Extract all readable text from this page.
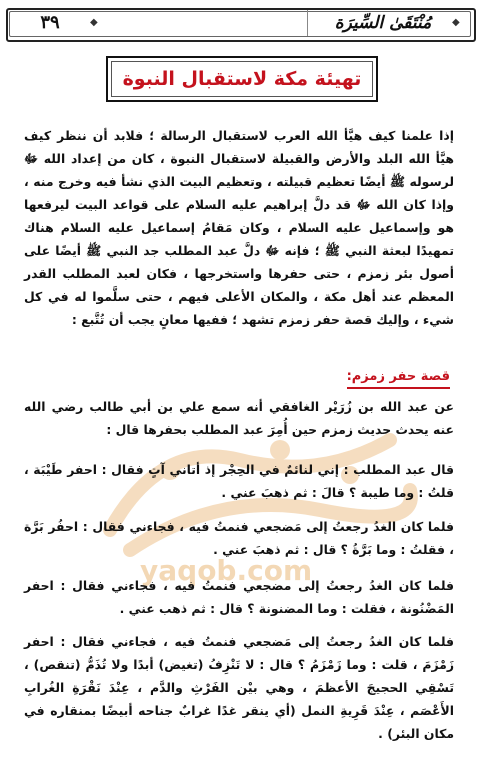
٣٩	مُنْتَقَىٰ السِّيرَة
◆	◆
تهيئة مكة لاستقبال النبوة
yaqob.com
إذا علمنا كيف هيَّأ الله العرب لاستقبال الرسالة ؛ فلابد أن ننظر كيف هيَّأ الله البلد والأرض والقبيلة لاستقبال النبوة ، كان من إعداد الله ﷻ لرسوله ﷺ أيضًا تعظيم قبيلته ، وتعظيم البيت الذي نشأ فيه وخرج منه ، وإذا كان الله ﷻ قد دلَّ إبراهيم عليه السلام على قواعد البيت ليرفعها هو وإسماعيل عليه السلام ، وكان مَقامُ إسماعيل عليه السلام هناك تمهيدًا لبعثة النبي ﷺ ؛ فإنه ﷻ دلَّ عبد المطلب جد النبي ﷺ أيضًا على أصول بئر زمزم ، حتى حفرها واستخرجها ، فكان لعبد المطلب القدر المعظم عند أهل مكة ، والمكان الأعلى فيهم ، حتى سلَّموا له في كل شيء ، وإليك قصة حفر زمزم تشهد ؛ ففيها معانٍ يجب أن تُتَّبع :
قصة حفر زمزم:
عن عبد الله بن زُرَيْر الغافقي أنه سمع علي بن أبي طالب رضي الله عنه يحدث حديث زمزم حين أُمِرَ عبد المطلب بحفرها قال :
قال عبد المطلب : إني لنائمٌ في الحِجْر إذ أتاني آتٍ فقال : احفر طَيْبَة ، قلتُ : وما طيبة ؟ قالَ : ثم ذهبَ عني .
فلما كان الغدُ رجعتُ إلى مَضجعي فنمتُ فيه ، فجاءني فقال : احفُر بَرَّة ، فقلتُ : وما بَرَّةُ ؟ قال : ثم ذهبَ عني .
فلما كان الغدُ رجعتُ إلى مضجعي فنمتُ فيه ، فجاءني فقال : احفر المَضْنُونة ، فقلت : وما المضنونة ؟ قال : ثم ذهب عني .
فلما كان الغدُ رجعتُ إلى مَضجعي فنمتُ فيه ، فجاءني فقال : احفر زَمْزَمَ ، قلت : وما زَمْزَمُ ؟ قال : لا تَنْزِفُ (تغيض) أبدًا ولا تُذَمُّ (تنقص) ، تَسْقِي الحجيجَ الأعظمَ ، وهي بيْن الفَرْثِ والدَّم ، عِنْدَ نَقْرَةِ الغُرابِ الأَعْصَم ، عِنْدَ قَرِيةِ النمل (أي ينقر غدًا غرابٌ جناحه أبيضًا بمنقاره في مكان البئر) .
